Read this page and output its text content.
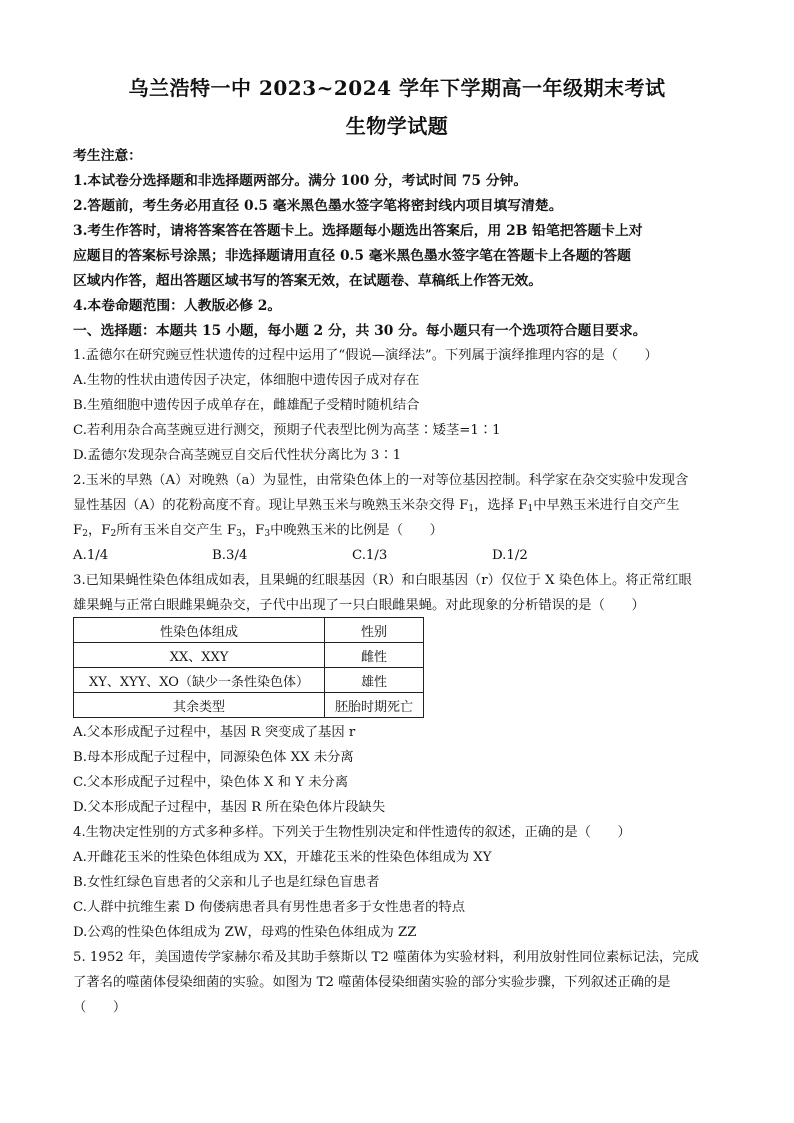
乌兰浩特一中 2023~2024 学年下学期高一年级期末考试
生物学试题
考生注意：
1.本试卷分选择题和非选择题两部分。满分 100 分，考试时间 75 分钟。
2.答题前，考生务必用直径 0.5 毫米黑色墨水签字笔将密封线内项目填写清楚。
3.考生作答时，请将答案答在答题卡上。选择题每小题选出答案后，用 2B 铅笔把答题卡上对
应题目的答案标号涂黑；非选择题请用直径 0.5 毫米黑色墨水签字笔在答题卡上各题的答题
区域内作答，超出答题区域书写的答案无效，在试题卷、草稿纸上作答无效。
4.本卷命题范围：人教版必修 2。
一、选择题：本题共 15 小题，每小题 2 分，共 30 分。每小题只有一个选项符合题目要求。
1.孟德尔在研究豌豆性状遗传的过程中运用了“假说—演绎法”。下列属于演绎推理内容的是（　　）
A.生物的性状由遗传因子决定，体细胞中遗传因子成对存在
B.生殖细胞中遗传因子成单存在，雌雄配子受精时随机结合
C.若利用杂合高茎豌豆进行测交，预期子代表型比例为高茎∶矮茎=1∶1
D.孟德尔发现杂合高茎豌豆自交后代性状分离比为 3∶1
2.玉米的早熟（A）对晚熟（a）为显性，由常染色体上的一对等位基因控制。科学家在杂交实验中发现含
显性基因（A）的花粉高度不育。现让早熟玉米与晚熟玉米杂交得 $F_1$，选择 $F_1$中早熟玉米进行自交产生
$F_2$，$F_2$所有玉米自交产生 $F_3$，$F_3$中晚熟玉米的比例是（　　）
A.1/4	B.3/4	C.1/3	D.1/2
3.已知果蝇性染色体组成如表，且果蝇的红眼基因（R）和白眼基因（r）仅位于 X 染色体上。将正常红眼
雄果蝇与正常白眼雌果蝇杂交，子代中出现了一只白眼雌果蝇。对此现象的分析错误的是（　　）
性染色体组成	性别
XX、XXY	雌性
XY、XYY、XO（缺少一条性染色体）	雄性
其余类型	胚胎时期死亡
A.父本形成配子过程中，基因 R 突变成了基因 r
B.母本形成配子过程中，同源染色体 XX 未分离
C.父本形成配子过程中，染色体 X 和 Y 未分离
D.父本形成配子过程中，基因 R 所在染色体片段缺失
4.生物决定性别的方式多种多样。下列关于生物性别决定和伴性遗传的叙述，正确的是（　　）
A.开雌花玉米的性染色体组成为 XX，开雄花玉米的性染色体组成为 XY
B.女性红绿色盲患者的父亲和儿子也是红绿色盲患者
C.人群中抗维生素 D 佝偻病患者具有男性患者多于女性患者的特点
D.公鸡的性染色体组成为 ZW，母鸡的性染色体组成为 ZZ
5. 1952 年，美国遗传学家赫尔希及其助手蔡斯以 T2 噬菌体为实验材料，利用放射性同位素标记法，完成
了著名的噬菌体侵染细菌的实验。如图为 T2 噬菌体侵染细菌实验的部分实验步骤，下列叙述正确的是
（　　）
